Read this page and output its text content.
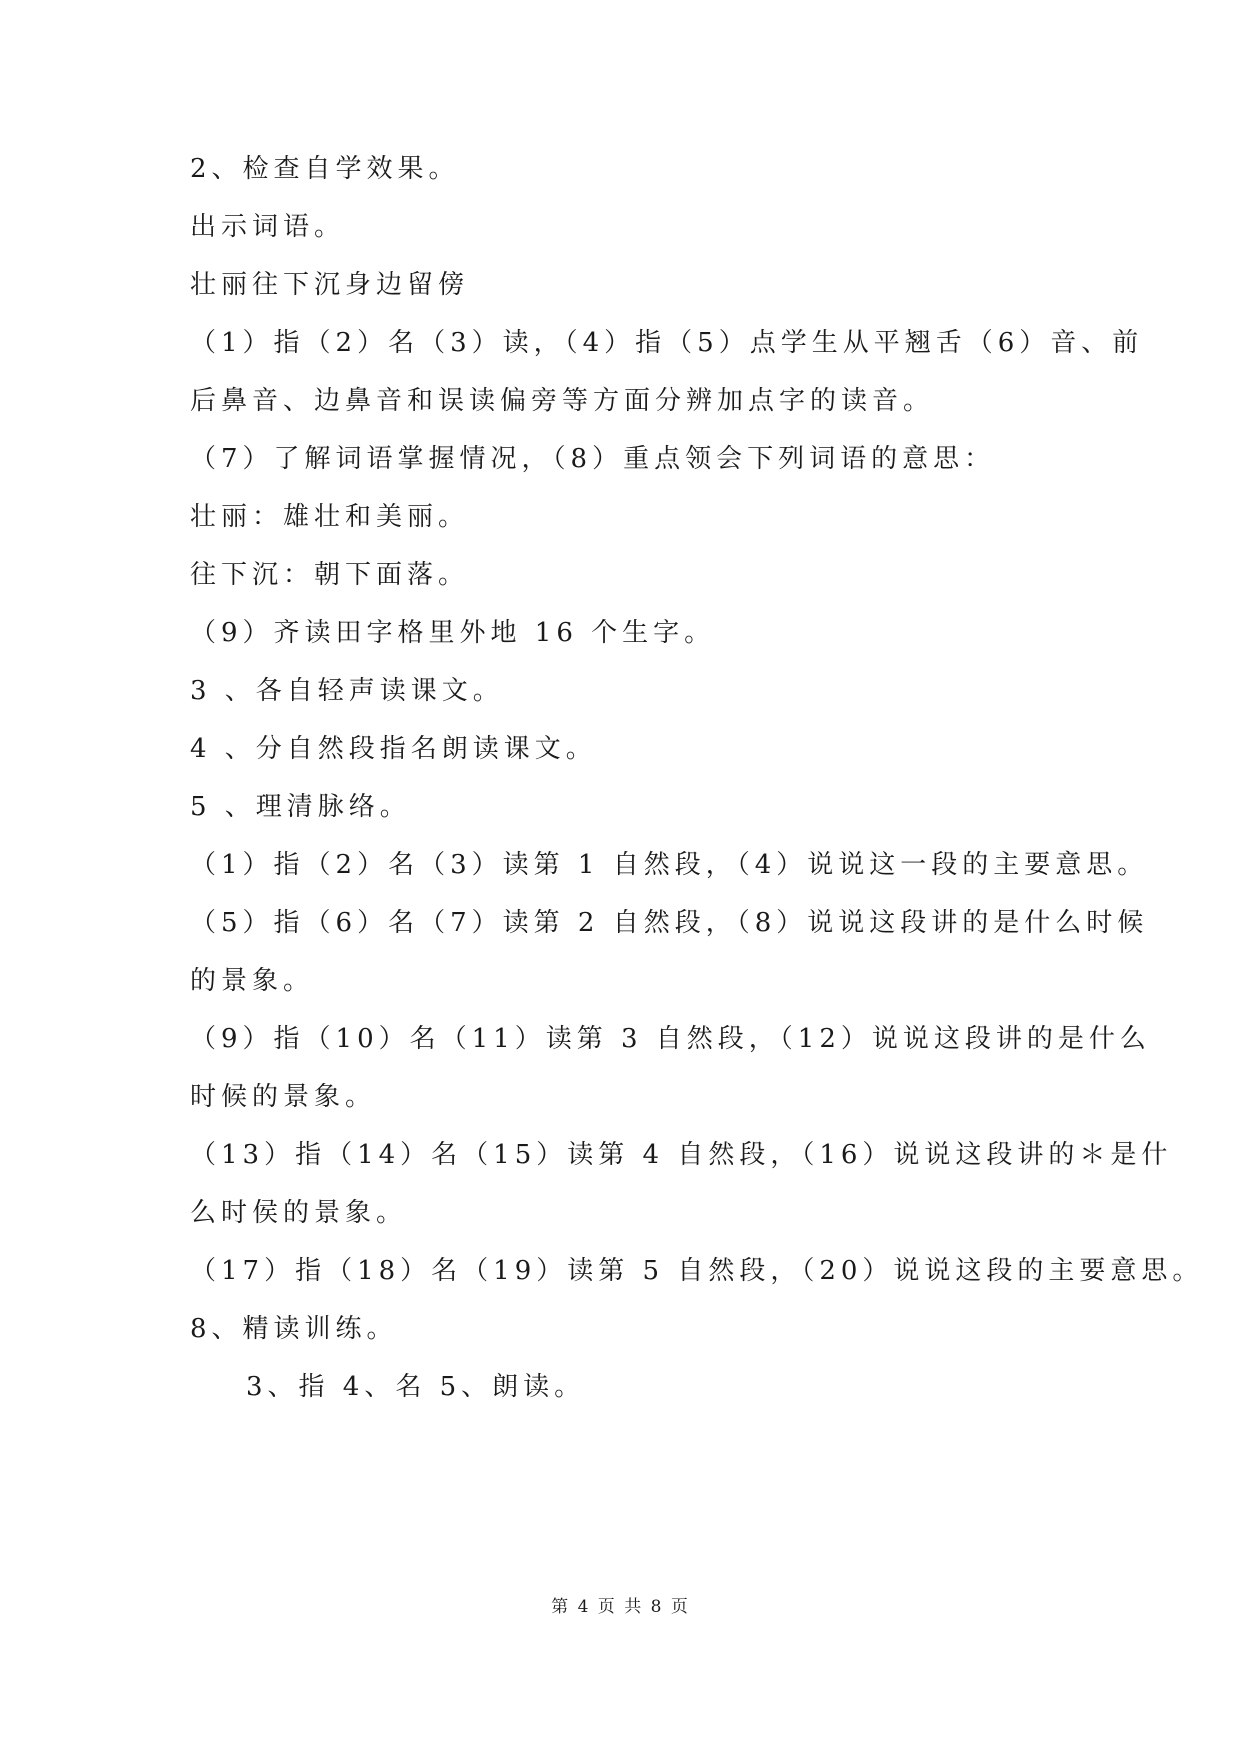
2、检查自学效果。
出示词语。
壮丽往下沉身边留傍
（1）指（2）名（3）读，（4）指（5）点学生从平翘舌（6）音、前
后鼻音、边鼻音和误读偏旁等方面分辨加点字的读音。
（7）了解词语掌握情况，（8）重点领会下列词语的意思：
壮丽：雄壮和美丽。
往下沉：朝下面落。
（9）齐读田字格里外地 16 个生字。
3 、各自轻声读课文。
4 、分自然段指名朗读课文。
5 、理清脉络。
（1）指（2）名（3）读第 1 自然段，（4）说说这一段的主要意思。
（5）指（6）名（7）读第 2 自然段，（8）说说这段讲的是什么时候
的景象。
（9）指（10）名（11）读第 3 自然段，（12）说说这段讲的是什么
时候的景象。
（13）指（14）名（15）读第 4 自然段，（16）说说这段讲的＊是什
么时侯的景象。
（17）指（18）名（19）读第 5 自然段，（20）说说这段的主要意思。
8、精读训练。
3、指 4、名 5、朗读。
第 4 页 共 8 页
